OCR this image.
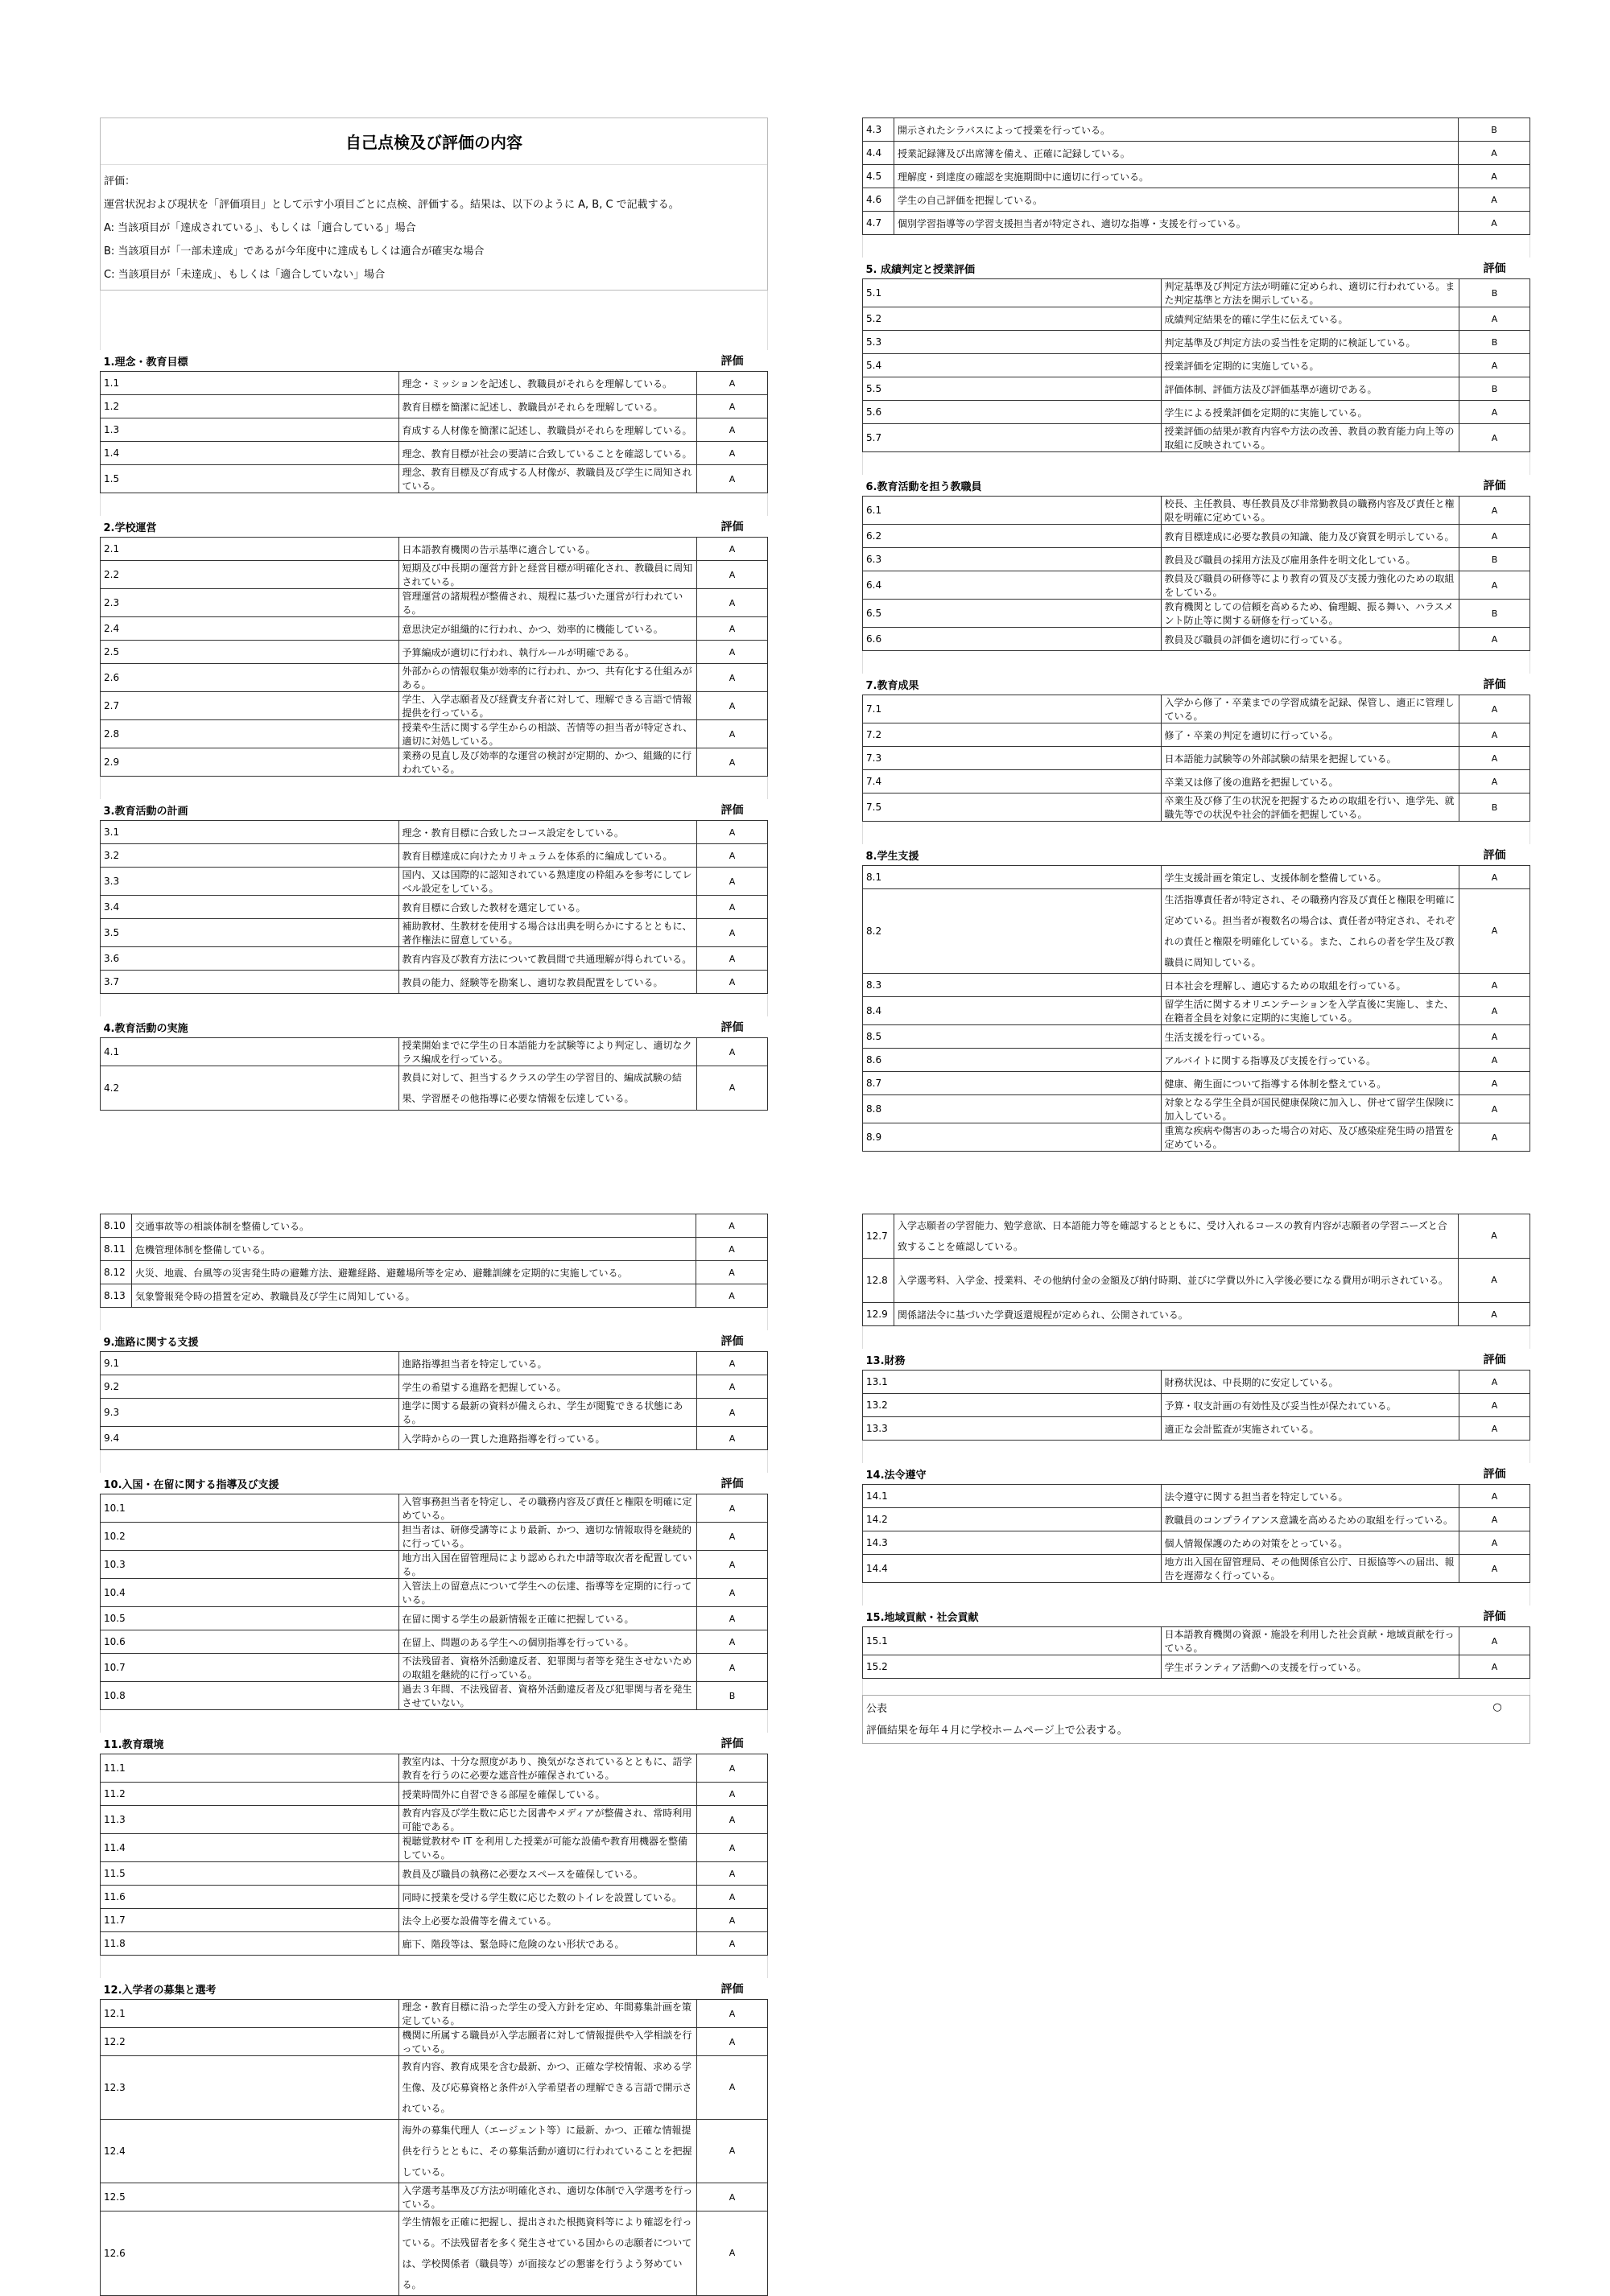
自己点検及び評価の内容

評価：

運営状況および現状を「評価項目」として示す小項目ごとに点検、評価する。結果は、以下のように A, B, C で記載する。

A: 当該項目が「達成されている」、もしくは「適合している」場合

B: 当該項目が「一部未達成」であるが今年度中に達成もしくは適合が確実な場合

C: 当該項目が「未達成」、もしくは「適合していない」場合

1.理念・教育目標		評価
1.1	理念・ミッションを記述し、教職員がそれらを理解している。	A
1.2	教育目標を簡潔に記述し、教職員がそれらを理解している。	A
1.3	育成する人材像を簡潔に記述し、教職員がそれらを理解している。	A
1.4	理念、教育目標が社会の要請に合致していることを確認している。	A
1.5	理念、教育目標及び育成する人材像が、教職員及び学生に周知されている。	A
2.学校運営		評価
2.1	日本語教育機関の告示基準に適合している。	A
2.2	短期及び中長期の運営方針と経営目標が明確化され、教職員に周知されている。	A
2.3	管理運営の諸規程が整備され、規程に基づいた運営が行われている。	A
2.4	意思決定が組織的に行われ、かつ、効率的に機能している。	A
2.5	予算編成が適切に行われ、執行ルールが明確である。	A
2.6	外部からの情報収集が効率的に行われ、かつ、共有化する仕組みがある。	A
2.7	学生、入学志願者及び経費支弁者に対して、理解できる言語で情報提供を行っている。	A
2.8	授業や生活に関する学生からの相談、苦情等の担当者が特定され、適切に対処している。	A
2.9	業務の見直し及び効率的な運営の検討が定期的、かつ、組織的に行われている。	A
3.教育活動の計画		評価
3.1	理念・教育目標に合致したコース設定をしている。	A
3.2	教育目標達成に向けたカリキュラムを体系的に編成している。	A
3.3	国内、又は国際的に認知されている熟達度の枠組みを参考にしてレベル設定をしている。	A
3.4	教育目標に合致した教材を選定している。	A
3.5	補助教材、生教材を使用する場合は出典を明らかにするとともに、著作権法に留意している。	A
3.6	教育内容及び教育方法について教員間で共通理解が得られている。	A
3.7	教員の能力、経験等を勘案し、適切な教員配置をしている。	A
4.教育活動の実施		評価
4.1	授業開始までに学生の日本語能力を試験等により判定し、適切なクラス編成を行っている。	A
4.2	教員に対して、担当するクラスの学生の学習目的、編成試験の結果、学習歴その他指導に必要な情報を伝達している。	A
4.3	開示されたシラバスによって授業を行っている。	B
4.4	授業記録簿及び出席簿を備え、正確に記録している。	A
4.5	理解度・到達度の確認を実施期間中に適切に行っている。	A
4.6	学生の自己評価を把握している。	A
4.7	個別学習指導等の学習支援担当者が特定され、適切な指導・支援を行っている。	A
5. 成績判定と授業評価		評価
5.1	判定基準及び判定方法が明確に定められ、適切に行われている。また判定基準と方法を開示している。	B
5.2	成績判定結果を的確に学生に伝えている。	A
5.3	判定基準及び判定方法の妥当性を定期的に検証している。	B
5.4	授業評価を定期的に実施している。	A
5.5	評価体制、評価方法及び評価基準が適切である。	B
5.6	学生による授業評価を定期的に実施している。	A
5.7	授業評価の結果が教育内容や方法の改善、教員の教育能力向上等の取組に反映されている。	A
6.教育活動を担う教職員		評価
6.1	校長、主任教員、専任教員及び非常勤教員の職務内容及び責任と権限を明確に定めている。	A
6.2	教育目標達成に必要な教員の知識、能力及び資質を明示している。	A
6.3	教員及び職員の採用方法及び雇用条件を明文化している。	B
6.4	教員及び職員の研修等により教育の質及び支援力強化のための取組をしている。	A
6.5	教育機関としての信頼を高めるため、倫理観、振る舞い、ハラスメント防止等に関する研修を行っている。	B
6.6	教員及び職員の評価を適切に行っている。	A
7.教育成果		評価
7.1	入学から修了・卒業までの学習成績を記録、保管し、適正に管理している。	A
7.2	修了・卒業の判定を適切に行っている。	A
7.3	日本語能力試験等の外部試験の結果を把握している。	A
7.4	卒業又は修了後の進路を把握している。	A
7.5	卒業生及び修了生の状況を把握するための取組を行い、進学先、就職先等での状況や社会的評価を把握している。	B
8.学生支援		評価
8.1	学生支援計画を策定し、支援体制を整備している。	A
8.2	生活指導責任者が特定され、その職務内容及び責任と権限を明確に定めている。担当者が複数名の場合は、責任者が特定され、それぞれの責任と権限を明確化している。また、これらの者を学生及び教職員に周知している。	A
8.3	日本社会を理解し、適応するための取組を行っている。	A
8.4	留学生活に関するオリエンテーションを入学直後に実施し、また、在籍者全員を対象に定期的に実施している。	A
8.5	生活支援を行っている。	A
8.6	アルバイトに関する指導及び支援を行っている。	A
8.7	健康、衛生面について指導する体制を整えている。	A
8.8	対象となる学生全員が国民健康保険に加入し、併せて留学生保険に加入している。	A
8.9	重篤な疾病や傷害のあった場合の対応、及び感染症発生時の措置を定めている。	A
8.10	交通事故等の相談体制を整備している。	A
8.11	危機管理体制を整備している。	A
8.12	火災、地震、台風等の災害発生時の避難方法、避難経路、避難場所等を定め、避難訓練を定期的に実施している。	A
8.13	気象警報発令時の措置を定め、教職員及び学生に周知している。	A
9.進路に関する支援		評価
9.1	進路指導担当者を特定している。	A
9.2	学生の希望する進路を把握している。	A
9.3	進学に関する最新の資料が備えられ、学生が閲覧できる状態にある。	A
9.4	入学時からの一貫した進路指導を行っている。	A
10.入国・在留に関する指導及び支援		評価
10.1	入管事務担当者を特定し、その職務内容及び責任と権限を明確に定めている。	A
10.2	担当者は、研修受講等により最新、かつ、適切な情報取得を継続的に行っている。	A
10.3	地方出入国在留管理局により認められた申請等取次者を配置している。	A
10.4	入管法上の留意点について学生への伝達、指導等を定期的に行っている。	A
10.5	在留に関する学生の最新情報を正確に把握している。	A
10.6	在留上、問題のある学生への個別指導を行っている。	A
10.7	不法残留者、資格外活動違反者、犯罪関与者等を発生させないための取組を継続的に行っている。	A
10.8	過去３年間、不法残留者、資格外活動違反者及び犯罪関与者を発生させていない。	B
11.教育環境		評価
11.1	教室内は、十分な照度があり、換気がなされているとともに、語学教育を行うのに必要な遮音性が確保されている。	A
11.2	授業時間外に自習できる部屋を確保している。	A
11.3	教育内容及び学生数に応じた図書やメディアが整備され、常時利用可能である。	A
11.4	視聴覚教材や IT を利用した授業が可能な設備や教育用機器を整備している。	A
11.5	教員及び職員の執務に必要なスペースを確保している。	A
11.6	同時に授業を受ける学生数に応じた数のトイレを設置している。	A
11.7	法令上必要な設備等を備えている。	A
11.8	廊下、階段等は、緊急時に危険のない形状である。	A
12.入学者の募集と選考		評価
12.1	理念・教育目標に沿った学生の受入方針を定め、年間募集計画を策定している。	A
12.2	機関に所属する職員が入学志願者に対して情報提供や入学相談を行っている。	A
12.3	教育内容、教育成果を含む最新、かつ、正確な学校情報、求める学生像、及び応募資格と条件が入学希望者の理解できる言語で開示されている。	A
12.4	海外の募集代理人（エージェント等）に最新、かつ、正確な情報提供を行うとともに、その募集活動が適切に行われていることを把握している。	A
12.5	入学選考基準及び方法が明確化され、適切な体制で入学選考を行っている。	A
12.6	学生情報を正確に把握し、提出された根拠資料等により確認を行っている。不法残留者を多く発生させている国からの志願者については、学校関係者（職員等）が面接などの懇審を行うよう努めている。	A
12.7	入学志願者の学習能力、勉学意欲、日本語能力等を確認するとともに、受け入れるコースの教育内容が志願者の学習ニーズと合致することを確認している。	A
12.8	入学選考料、入学金、授業料、その他納付金の金額及び納付時期、並びに学費以外に入学後必要になる費用が明示されている。	A
12.9	関係諸法令に基づいた学費返還規程が定められ、公開されている。	A
13.財務		評価
13.1	財務状況は、中長期的に安定している。	A
13.2	予算・収支計画の有効性及び妥当性が保たれている。	A
13.3	適正な会計監査が実施されている。	A
14.法令遵守		評価
14.1	法令遵守に関する担当者を特定している。	A
14.2	教職員のコンプライアンス意識を高めるための取組を行っている。	A
14.3	個人情報保護のための対策をとっている。	A
14.4	地方出入国在留管理局、その他関係官公庁、日振協等への届出、報告を遅滞なく行っている。	A
15.地域貢献・社会貢献		評価
15.1	日本語教育機関の資源・施設を利用した社会貢献・地域貢献を行っている。	A
15.2	学生ボランティア活動への支援を行っている。	A
公表	○
評価結果を毎年４月に学校ホームページ上で公表する。
